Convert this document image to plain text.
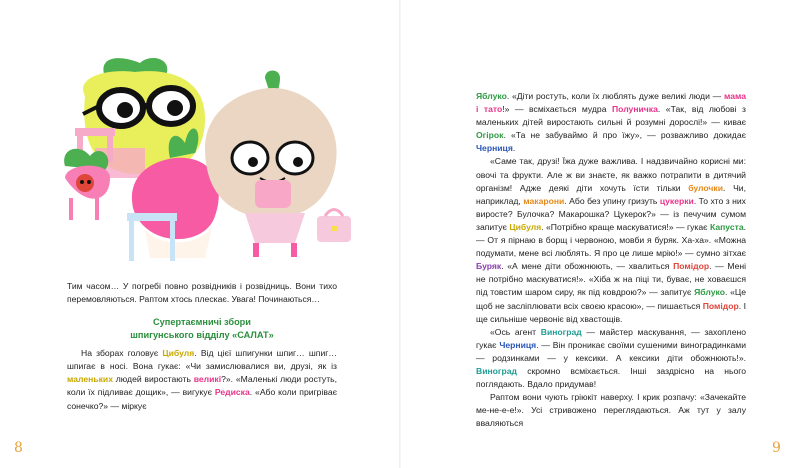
Тим часом… У погребі повно розвідників і розвідниць. Вони тихо перемовляються. Раптом хтось плескає. Увага! Починаються…

Супертаємничі збори
шпигунського відділу «САЛАТ»

На зборах головує Цибуля. Від цієї шпигунки шпиг… шпиг… шпигає в носі. Вона гукає: «Чи замислювалися ви, друзі, як із маленьких людей виростають великі?». «Маленькі люди ростуть, коли їх підливає дощик», — вигукує Редиска. «Або коли пригріває сонечко?» — міркує

8	9

Яблуко. «Діти ростуть, коли їх люблять дуже великі люди — мама і тато!» — всміхається мудра Полуничка. «Так, від любові з маленьких дітей виростають сильні й розумні дорослі!» — киває Огірок. «Та не забуваймо й про їжу», — розважливо докидає Черниця.

«Саме так, друзі! Їжа дуже важлива. І надзвичайно корисні ми: овочі та фрукти. Але ж ви знаєте, як важко потрапити в дитячий організм! Адже деякі діти хочуть їсти тільки булочки. Чи, наприклад, макарони. Або без упину гризуть цукерки. То хто з них виросте? Булочка? Макарошка? Цукерок?» — із печучим сумом запитує Цибуля. «Потрібно краще маскуватися!» — гукає Капуста. — От я пірнаю в борщ і червоною, мовби я буряк. Ха-ха». «Можна подумати, мене всі люблять. Я про це лише мрію!» — сумно зітхає Буряк. «А мене діти обожнюють, — хвалиться Помідор. — Мені не потрібно маскуватися!». «Хіба ж на піці ти, буває, не ховаєшся під товстим шаром сиру, як під ковдрою?» — запитує Яблуко. «Це щоб не засліплювати всіх своєю красою», — пишається Помідор. І ще сильніше червоніє від хвастощів.

«Ось агент Виноград — майстер маскування, — захоплено гукає Черниця. — Він проникає своїми сушеними виноградинками — родзинками — у кексики. А кексики діти обожнюють!». Виноград скромно всміхається. Інші заздрісно на нього поглядають. Вдало придумав!

Раптом вони чують гріюкіт наверху. І крик розпачу: «Зачекайте ме-не-е-е!». Усі стривожено переглядаються. Аж тут у залу вваляються
